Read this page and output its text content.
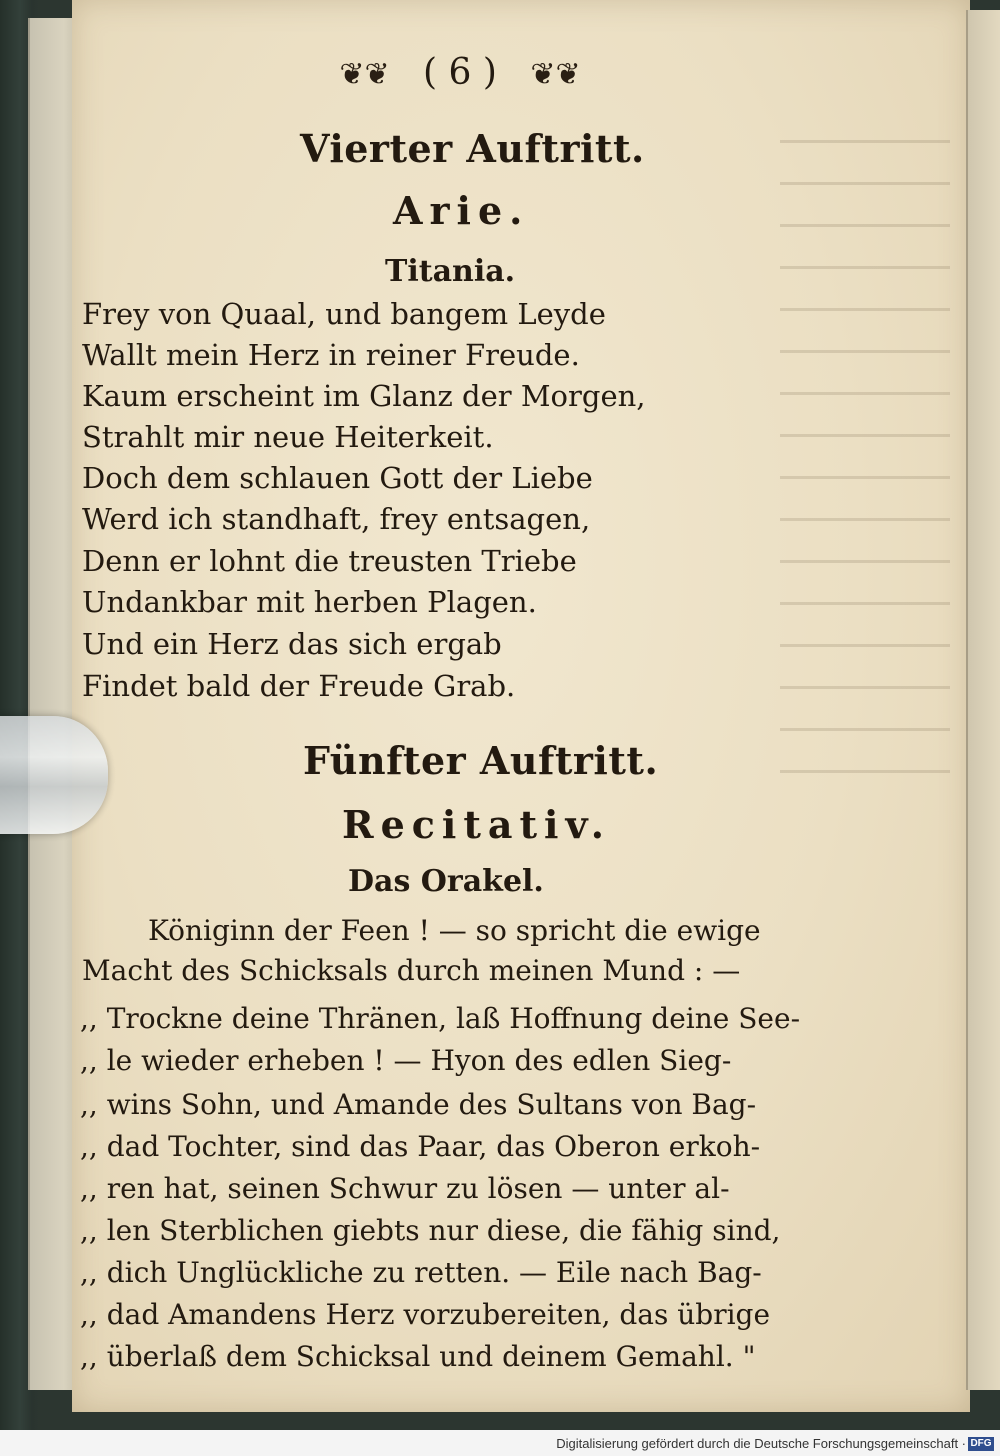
❦❦ ( 6 ) ❦❦
Vierter Auftritt.
Arie.
Titania.
Frey von Quaal, und bangem Leyde
Wallt mein Herz in reiner Freude.
Kaum erscheint im Glanz der Morgen,
Strahlt mir neue Heiterkeit.
Doch dem schlauen Gott der Liebe
Werd ich standhaft, frey entsagen,
Denn er lohnt die treusten Triebe
Undankbar mit herben Plagen.
Und ein Herz das sich ergab
Findet bald der Freude Grab.
Fünfter Auftritt.
Recitativ.
Das Orakel.
Königinn der Feen ! — so spricht die ewige
Macht des Schicksals durch meinen Mund : —
,, Trockne deine Thränen, laß Hoffnung deine See-
,, le wieder erheben ! — Hyon des edlen Sieg-
,, wins Sohn, und Amande des Sultans von Bag-
,, dad Tochter, sind das Paar, das Oberon erkoh-
,, ren hat, seinen Schwur zu lösen — unter al-
,, len Sterblichen giebts nur diese, die fähig sind,
,, dich Unglückliche zu retten. — Eile nach Bag-
,, dad Amandens Herz vorzubereiten, das übrige
,, überlaß dem Schicksal und deinem Gemahl. "
Digitalisierung gefördert durch die Deutsche Forschungsgemeinschaft · DFG
